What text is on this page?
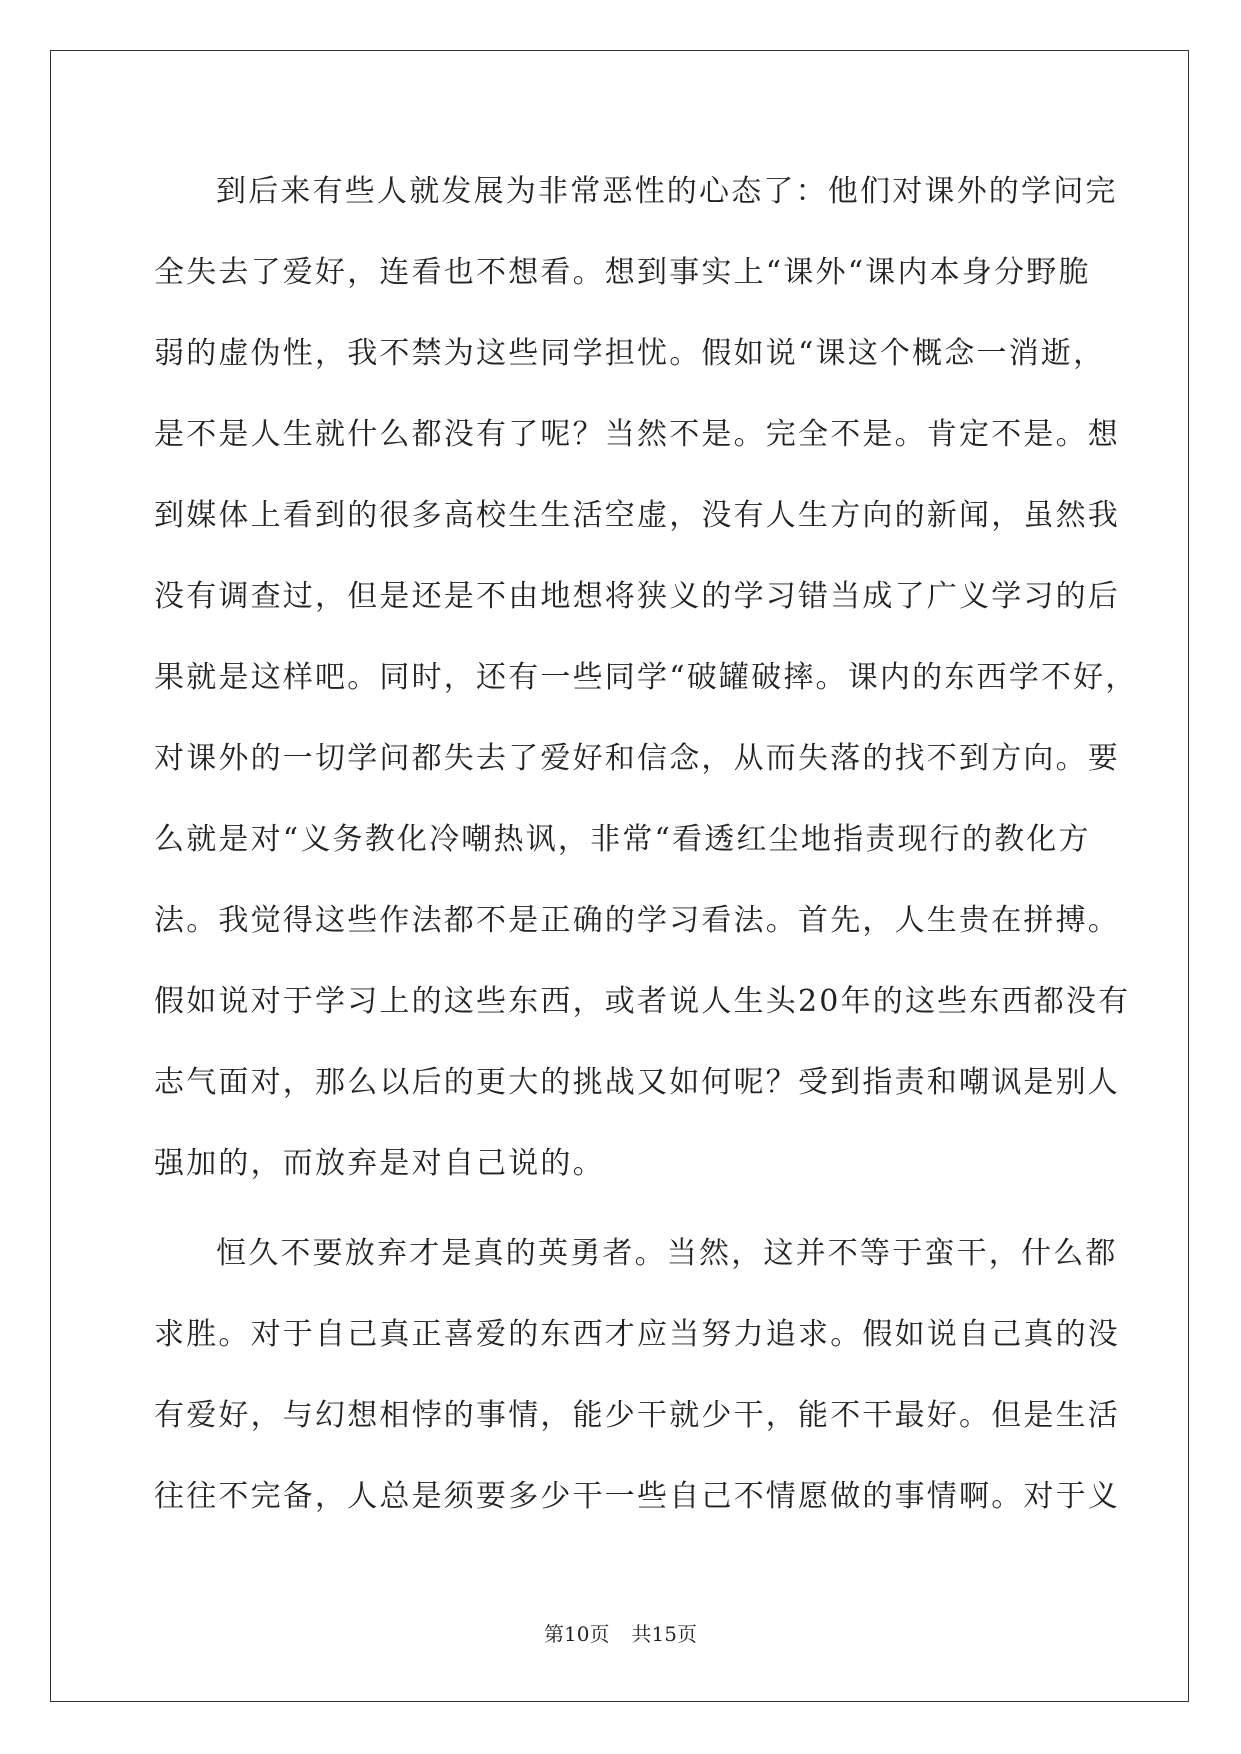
到后来有些人就发展为非常恶性的心态了：他们对课外的学问完
全失去了爱好，连看也不想看。想到事实上“课外“课内本身分野脆
弱的虚伪性，我不禁为这些同学担忧。假如说“课这个概念一消逝，
是不是人生就什么都没有了呢？当然不是。完全不是。肯定不是。想
到媒体上看到的很多高校生生活空虚，没有人生方向的新闻，虽然我
没有调查过，但是还是不由地想将狭义的学习错当成了广义学习的后
果就是这样吧。同时，还有一些同学“破罐破摔。课内的东西学不好，
对课外的一切学问都失去了爱好和信念，从而失落的找不到方向。要
么就是对“义务教化冷嘲热讽，非常“看透红尘地指责现行的教化方
法。我觉得这些作法都不是正确的学习看法。首先，人生贵在拼搏。
假如说对于学习上的这些东西，或者说人生头20年的这些东西都没有
志气面对，那么以后的更大的挑战又如何呢？受到指责和嘲讽是别人
强加的，而放弃是对自己说的。
恒久不要放弃才是真的英勇者。当然，这并不等于蛮干，什么都
求胜。对于自己真正喜爱的东西才应当努力追求。假如说自己真的没
有爱好，与幻想相悖的事情，能少干就少干，能不干最好。但是生活
往往不完备，人总是须要多少干一些自己不情愿做的事情啊。对于义
第10页 共15页
